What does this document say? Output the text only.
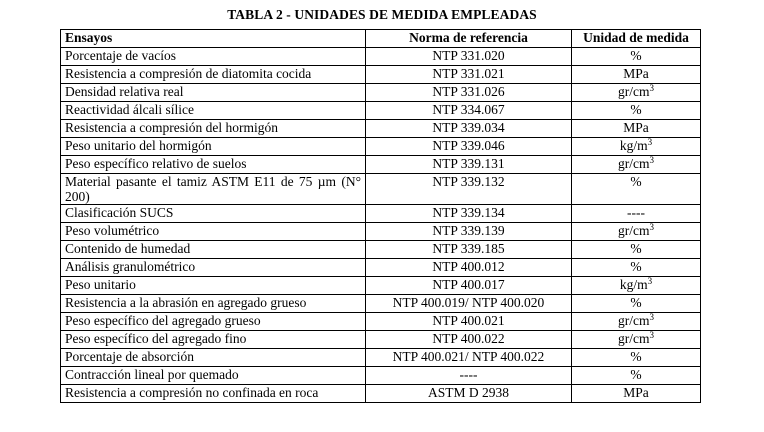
TABLA 2 - UNIDADES DE MEDIDA EMPLEADAS
Ensayos	Norma de referencia	Unidad de medida
Porcentaje de vacíos	NTP 331.020	%
Resistencia a compresión de diatomita cocida	NTP 331.021	MPa
Densidad relativa real	NTP 331.026	$gr/cm^3$
Reactividad álcali sílice	NTP 334.067	%
Resistencia a compresión del hormigón	NTP 339.034	MPa
Peso unitario del hormigón	NTP 339.046	$kg/m^3$
Peso específico relativo de suelos	NTP 339.131	$gr/cm^3$
Material pasante el tamiz ASTM E11 de 75 µm (N° 200)	NTP 339.132	%
Clasificación SUCS	NTP 339.134	----
Peso volumétrico	NTP 339.139	$gr/cm^3$
Contenido de humedad	NTP 339.185	%
Análisis granulométrico	NTP 400.012	%
Peso unitario	NTP 400.017	$kg/m^3$
Resistencia a la abrasión en agregado grueso	NTP 400.019/ NTP 400.020	%
Peso específico del agregado grueso	NTP 400.021	$gr/cm^3$
Peso específico del agregado fino	NTP 400.022	$gr/cm^3$
Porcentaje de absorción	NTP 400.021/ NTP 400.022	%
Contracción lineal por quemado	----	%
Resistencia a compresión no confinada en roca	ASTM D 2938	MPa
